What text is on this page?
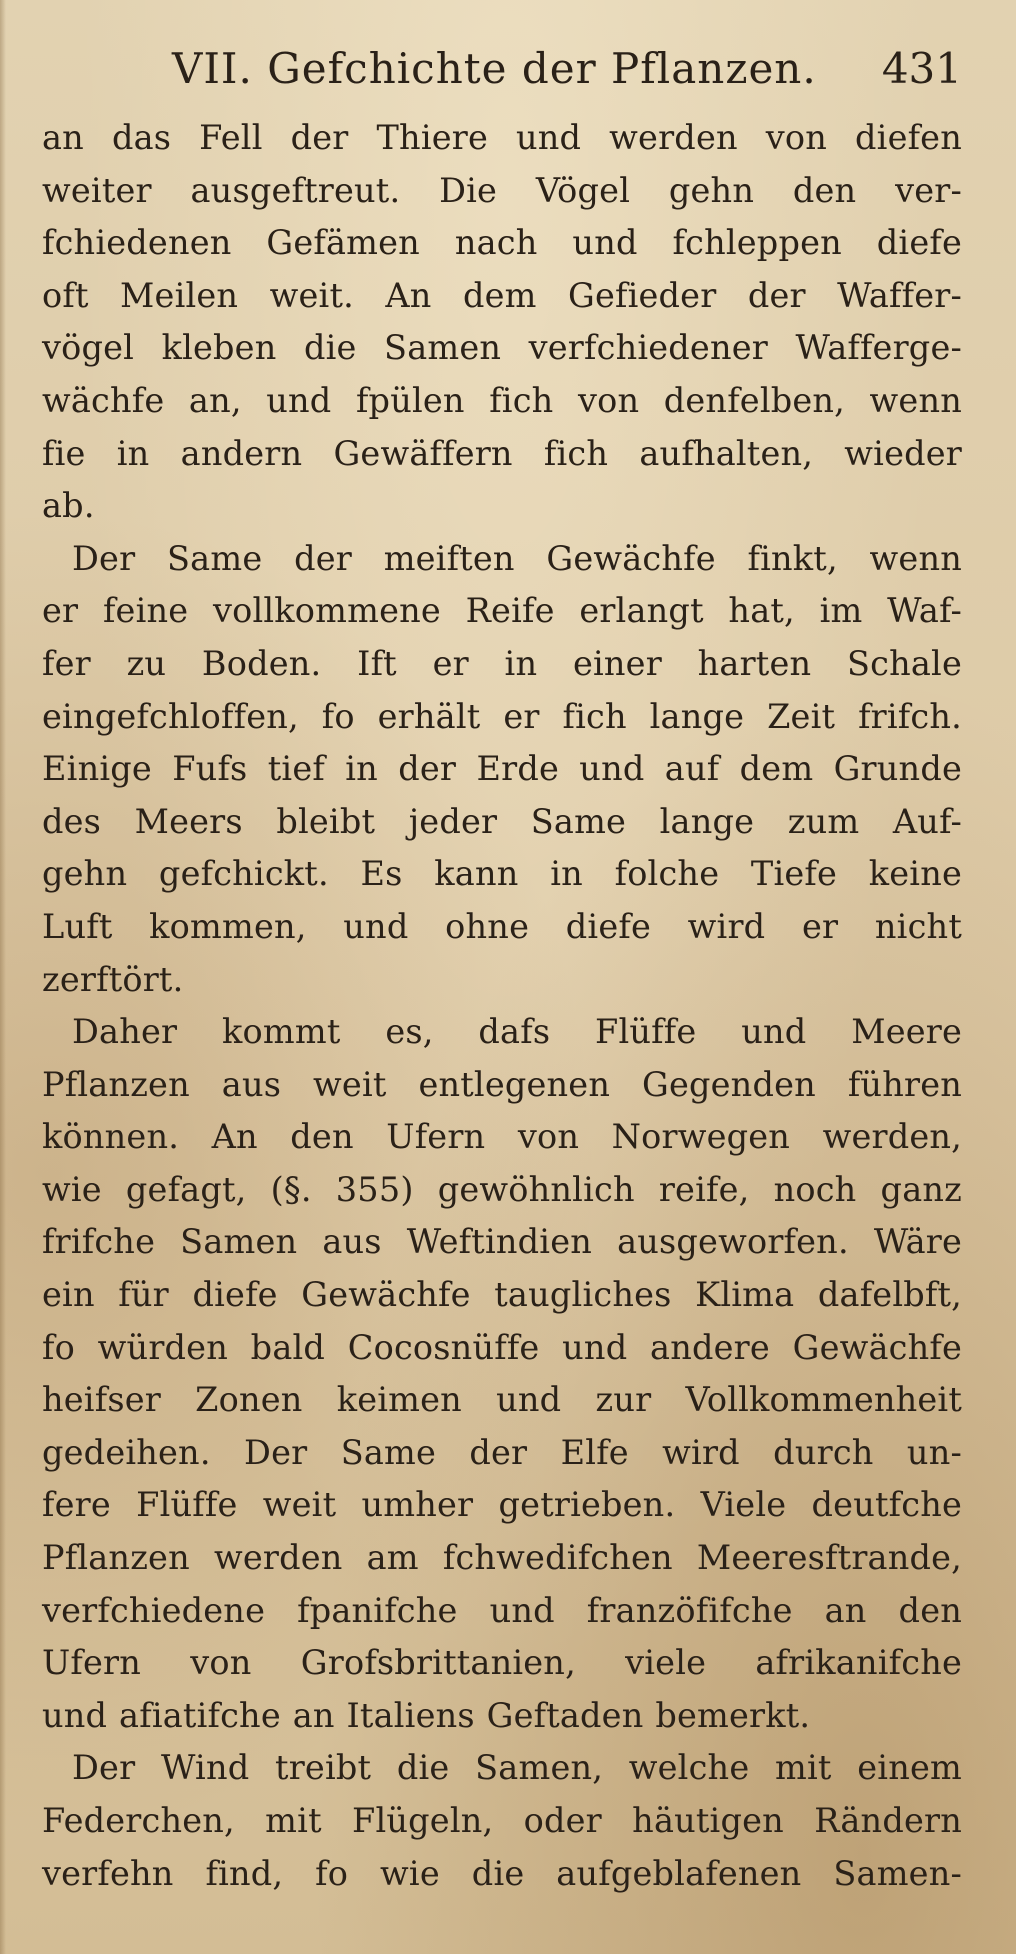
VII. Gefchichte der Pflanzen. 431
an das Fell der Thiere und werden von diefen
weiter ausgeftreut. Die Vögel gehn den ver-
fchiedenen Gefämen nach und fchleppen diefe
oft Meilen weit. An dem Gefieder der Waffer-
vögel kleben die Samen verfchiedener Wafferge-
wächfe an, und fpülen fich von denfelben, wenn
fie in andern Gewäffern fich aufhalten, wieder
ab.
Der Same der meiften Gewächfe finkt, wenn
er feine vollkommene Reife erlangt hat, im Waf-
fer zu Boden. Ift er in einer harten Schale
eingefchloffen, fo erhält er fich lange Zeit frifch.
Einige Fufs tief in der Erde und auf dem Grunde
des Meers bleibt jeder Same lange zum Auf-
gehn gefchickt. Es kann in folche Tiefe keine
Luft kommen, und ohne diefe wird er nicht
zerftört.
Daher kommt es, dafs Flüffe und Meere
Pflanzen aus weit entlegenen Gegenden führen
können. An den Ufern von Norwegen werden,
wie gefagt, (§. 355) gewöhnlich reife, noch ganz
frifche Samen aus Weftindien ausgeworfen. Wäre
ein für diefe Gewächfe taugliches Klima dafelbft,
fo würden bald Cocosnüffe und andere Gewächfe
heifser Zonen keimen und zur Vollkommenheit
gedeihen. Der Same der Elfe wird durch un-
fere Flüffe weit umher getrieben. Viele deutfche
Pflanzen werden am fchwedifchen Meeresftrande,
verfchiedene fpanifche und franzöfifche an den
Ufern von Grofsbrittanien, viele afrikanifche
und afiatifche an Italiens Geftaden bemerkt.
Der Wind treibt die Samen, welche mit einem
Federchen, mit Flügeln, oder häutigen Rändern
verfehn find, fo wie die aufgeblafenen Samen-
